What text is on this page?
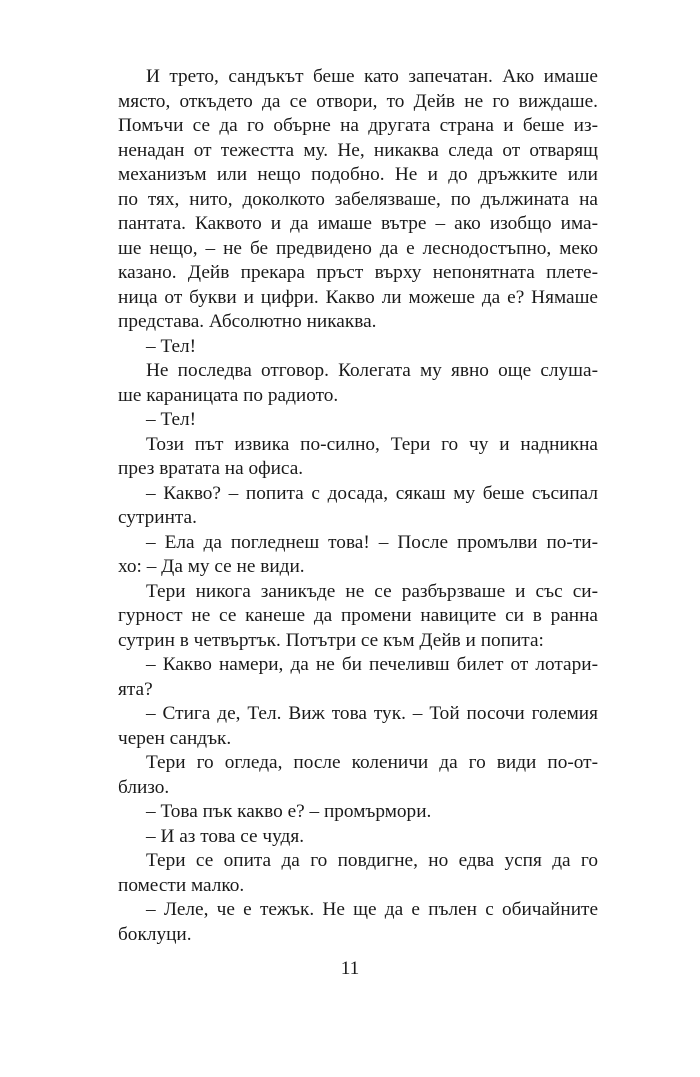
И трето, сандъкът беше като запечатан. Ако имаше
място, откъдето да се отвори, то Дейв не го виждаше.
Помъчи се да го обърне на другата страна и беше из-
ненадан от тежестта му. Не, никаква следа от отварящ
механизъм или нещо подобно. Не и до дръжките или
по тях, нито, доколкото забелязваше, по дължината на
пантата. Каквото и да имаше вътре – ако изобщо има-
ше нещо, – не бе предвидено да е леснодостъпно, меко
казано. Дейв прекара пръст върху непонятната плете-
ница от букви и цифри. Какво ли можеше да е? Нямаше
представа. Абсолютно никаква.
– Тел!
Не последва отговор. Колегата му явно още слуша-
ше караницата по радиото.
– Тел!
Този път извика по-силно, Тери го чу и надникна
през вратата на офиса.
– Какво? – попита с досада, сякаш му беше съсипал
сутринта.
– Ела да погледнеш това! – После промълви по-ти-
хо: – Да му се не види.
Тери никога заникъде не се разбързваше и със си-
гурност не се канеше да промени навиците си в ранна
сутрин в четвъртък. Потътри се към Дейв и попита:
– Какво намери, да не би печеливш билет от лотари-
ята?
– Стига де, Тел. Виж това тук. – Той посочи големия
черен сандък.
Тери го огледа, после коленичи да го види по-от-
близо.
– Това пък какво е? – промърмори.
– И аз това се чудя.
Тери се опита да го повдигне, но едва успя да го
помести малко.
– Леле, че е тежък. Не ще да е пълен с обичайните
боклуци.
11
